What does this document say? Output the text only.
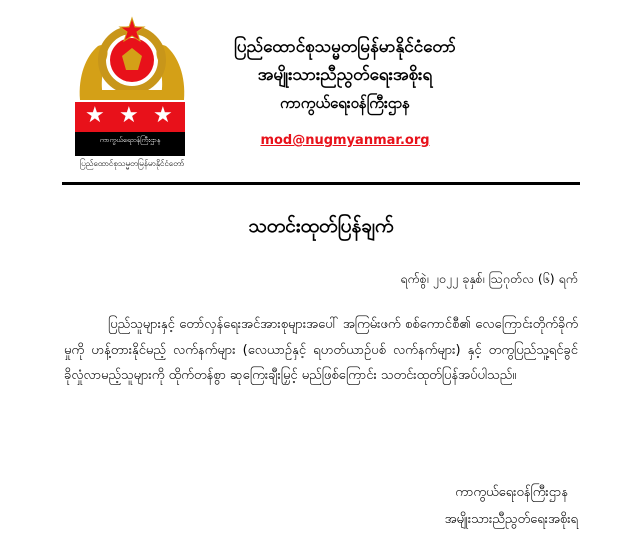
★ ★ ★
ကာကွယ်ရေးဝန်ကြီးဌာန
ပြည်ထောင်စုသမ္မတမြန်မာနိုင်ငံတော်
ပြည်ထောင်စုသမ္မတမြန်မာနိုင်ငံတော်
အမျိုးသားညီညွတ်ရေးအစိုးရ
ကာကွယ်ရေးဝန်ကြီးဌာန
mod@nugmyanmar.org
သတင်းထုတ်ပြန်ချက်
ရက်စွဲ၊ ၂၀၂၂ ခုနှစ်၊ ဩဂုတ်လ (၆) ရက်
ပြည်သူများနှင့် တော်လှန်ရေးအင်အားစုများအပေါ် အကြမ်းဖက် စစ်ကောင်စီ၏ လေကြောင်းတိုက်ခိုက်မှုကို ဟန့်တားနိုင်မည့် လက်နက်များ (လေယာဉ်နှင့် ရဟတ်ယာဉ်ပစ် လက်နက်များ) နှင့် တကွပြည်သူ့ရင်ခွင် ခိုလှုံလာမည့်သူများကို ထိုက်တန်စွာ ဆုကြေးချီးမြှင့် မည်ဖြစ်ကြောင်း သတင်းထုတ်ပြန်အပ်ပါသည်။
ကာကွယ်ရေးဝန်ကြီးဌာန
အမျိုးသားညီညွတ်ရေးအစိုးရ
